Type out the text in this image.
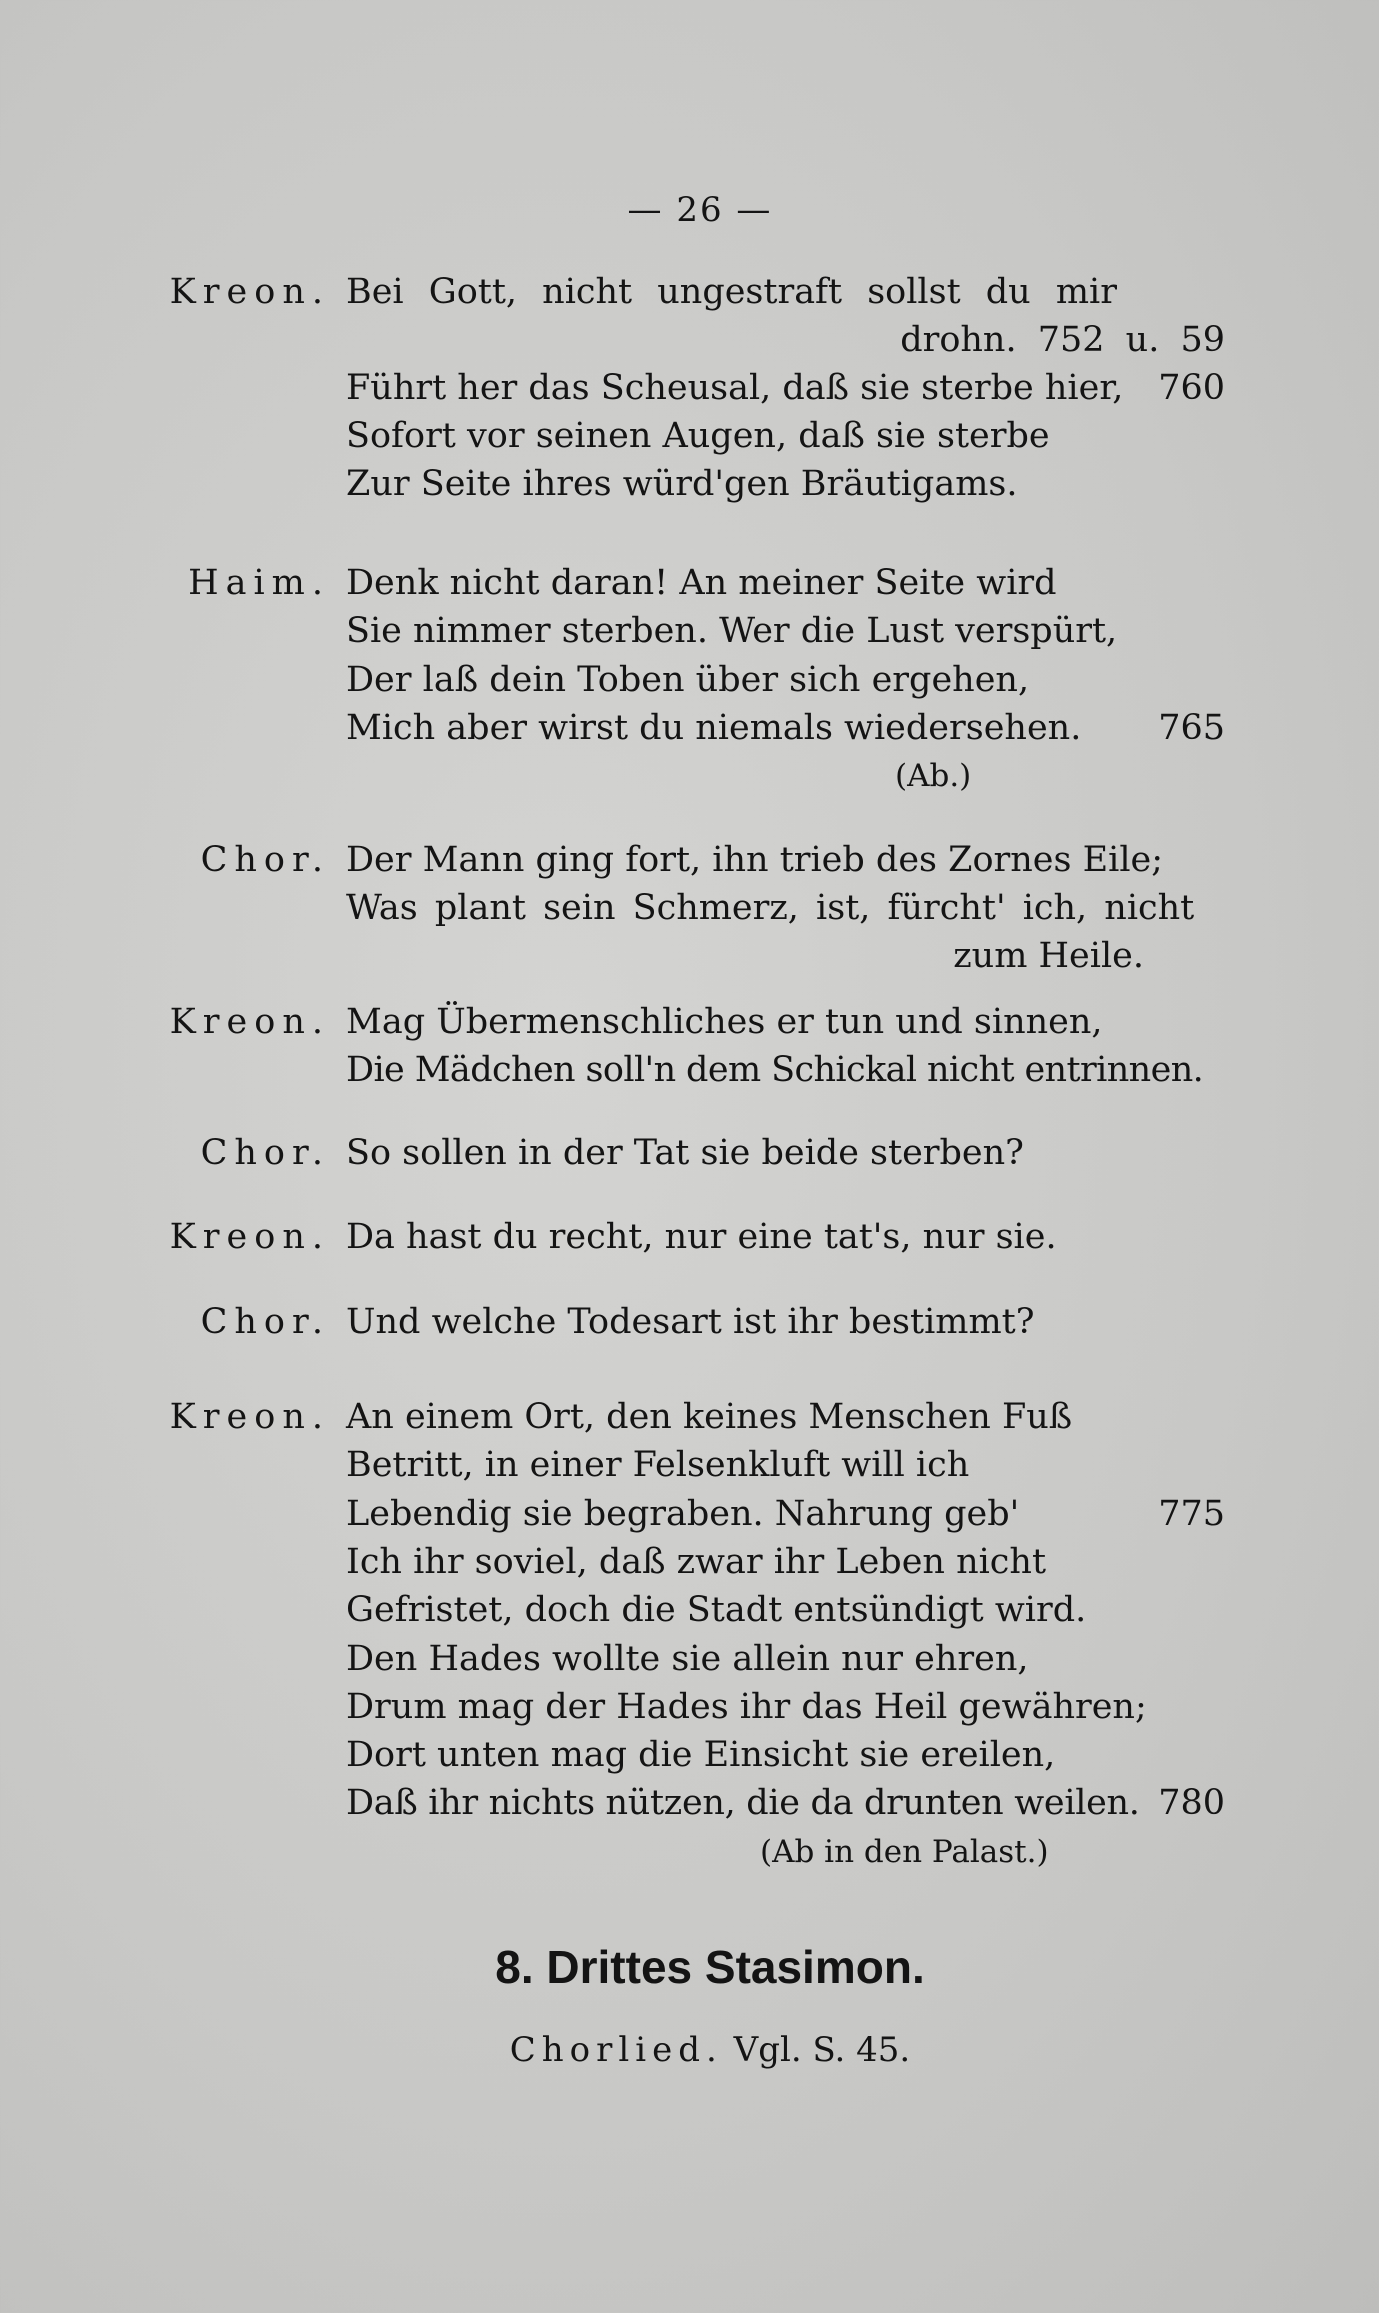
— 26 —
Kreon. Bei Gott, nicht ungestraft sollst du mir
drohn. 752 u. 59
Führt her das Scheusal, daß sie sterbe hier, 760
Sofort vor seinen Augen, daß sie sterbe
Zur Seite ihres würd'gen Bräutigams.
Haim. Denk nicht daran! An meiner Seite wird
Sie nimmer sterben. Wer die Lust verspürt,
Der laß dein Toben über sich ergehen,
Mich aber wirst du niemals wiedersehen. 765
(Ab.)
Chor. Der Mann ging fort, ihn trieb des Zornes Eile;
Was plant sein Schmerz, ist, fürcht' ich, nicht
zum Heile.
Kreon. Mag Übermenschliches er tun und sinnen,
Die Mädchen soll'n dem Schickal nicht entrinnen.
Chor. So sollen in der Tat sie beide sterben?
Kreon. Da hast du recht, nur eine tat's, nur sie.
Chor. Und welche Todesart ist ihr bestimmt?
Kreon. An einem Ort, den keines Menschen Fuß
Betritt, in einer Felsenkluft will ich
Lebendig sie begraben. Nahrung geb'	775
Ich ihr soviel, daß zwar ihr Leben nicht
Gefristet, doch die Stadt entsündigt wird.
Den Hades wollte sie allein nur ehren,
Drum mag der Hades ihr das Heil gewähren;
Dort unten mag die Einsicht sie ereilen,
Daß ihr nichts nützen, die da drunten weilen. 780
(Ab in den Palast.)
8. Drittes Stasimon.
Chorlied. Vgl. S. 45.
